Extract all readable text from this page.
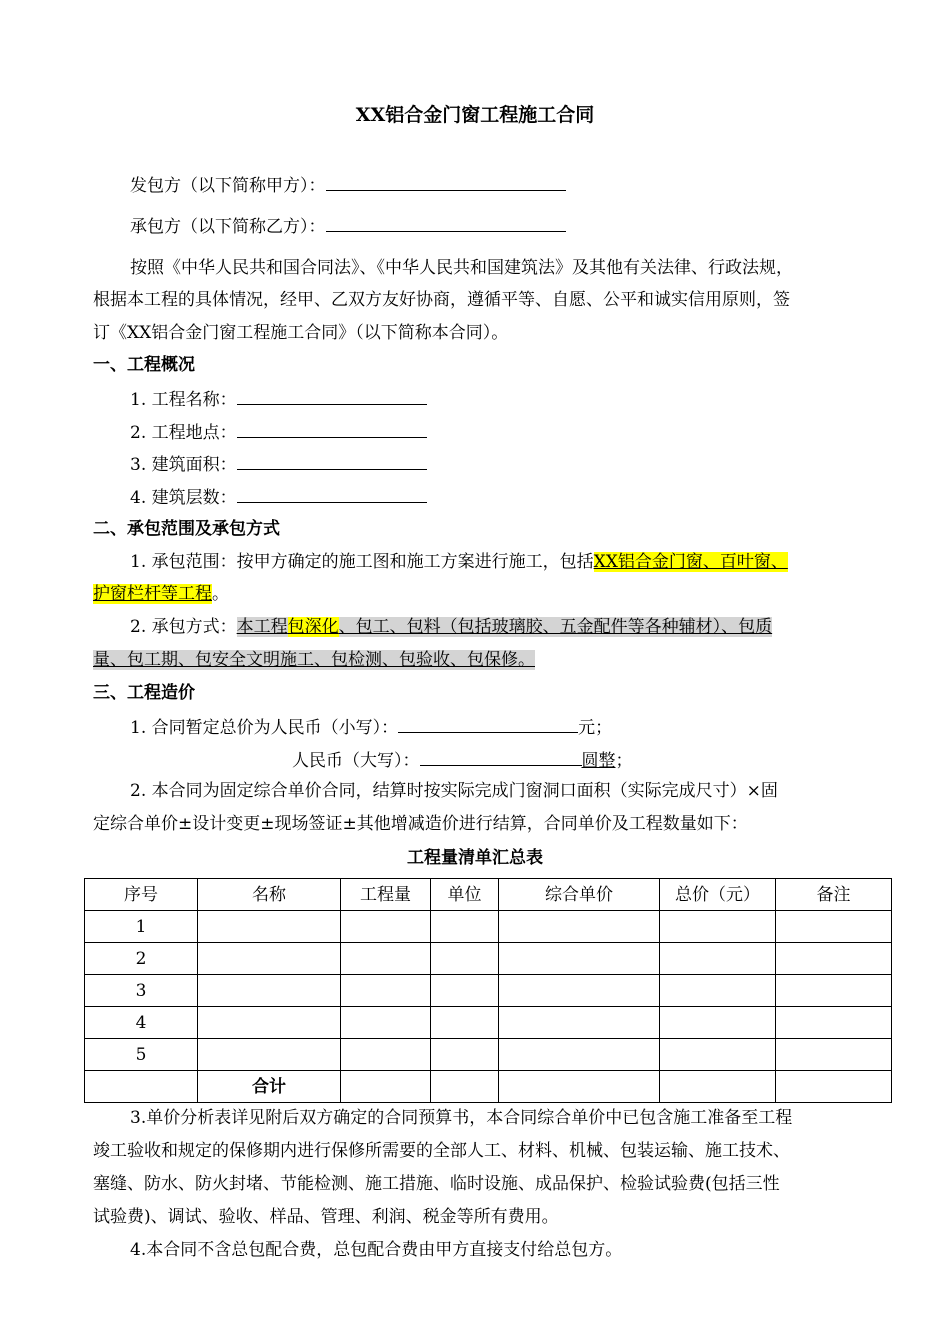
XX铝合金门窗工程施工合同
发包方（以下简称甲方）：
承包方（以下简称乙方）：
按照《中华人民共和国合同法》、《中华人民共和国建筑法》及其他有关法律、行政法规，
根据本工程的具体情况，经甲、乙双方友好协商，遵循平等、自愿、公平和诚实信用原则，签
订《XX铝合金门窗工程施工合同》（以下简称本合同）。
一、工程概况
1. 工程名称：
2. 工程地点：
3. 建筑面积：
4. 建筑层数：
二、承包范围及承包方式
1. 承包范围：按甲方确定的施工图和施工方案进行施工，包括XX铝合金门窗、百叶窗、
护窗栏杆等工程。
2. 承包方式：本工程包深化、包工、包料（包括玻璃胶、五金配件等各种辅材）、包质
量、包工期、包安全文明施工、包检测、包验收、包保修。
三、工程造价
1. 合同暂定总价为人民币（小写）：	元；
人民币（大写）：	圆整；
2. 本合同为固定综合单价合同，结算时按实际完成门窗洞口面积（实际完成尺寸）×固
定综合单价±设计变更±现场签证±其他增减造价进行结算，合同单价及工程数量如下：
工程量清单汇总表
序号	名称	工程量	单位	综合单价	总价（元）	备注
1						
2						
3						
4						
5						
	合计					
3.单价分析表详见附后双方确定的合同预算书，本合同综合单价中已包含施工准备至工程
竣工验收和规定的保修期内进行保修所需要的全部人工、材料、机械、包装运输、施工技术、
塞缝、防水、防火封堵、节能检测、施工措施、临时设施、成品保护、检验试验费(包括三性
试验费)、调试、验收、样品、管理、利润、税金等所有费用。
4.本合同不含总包配合费，总包配合费由甲方直接支付给总包方。
